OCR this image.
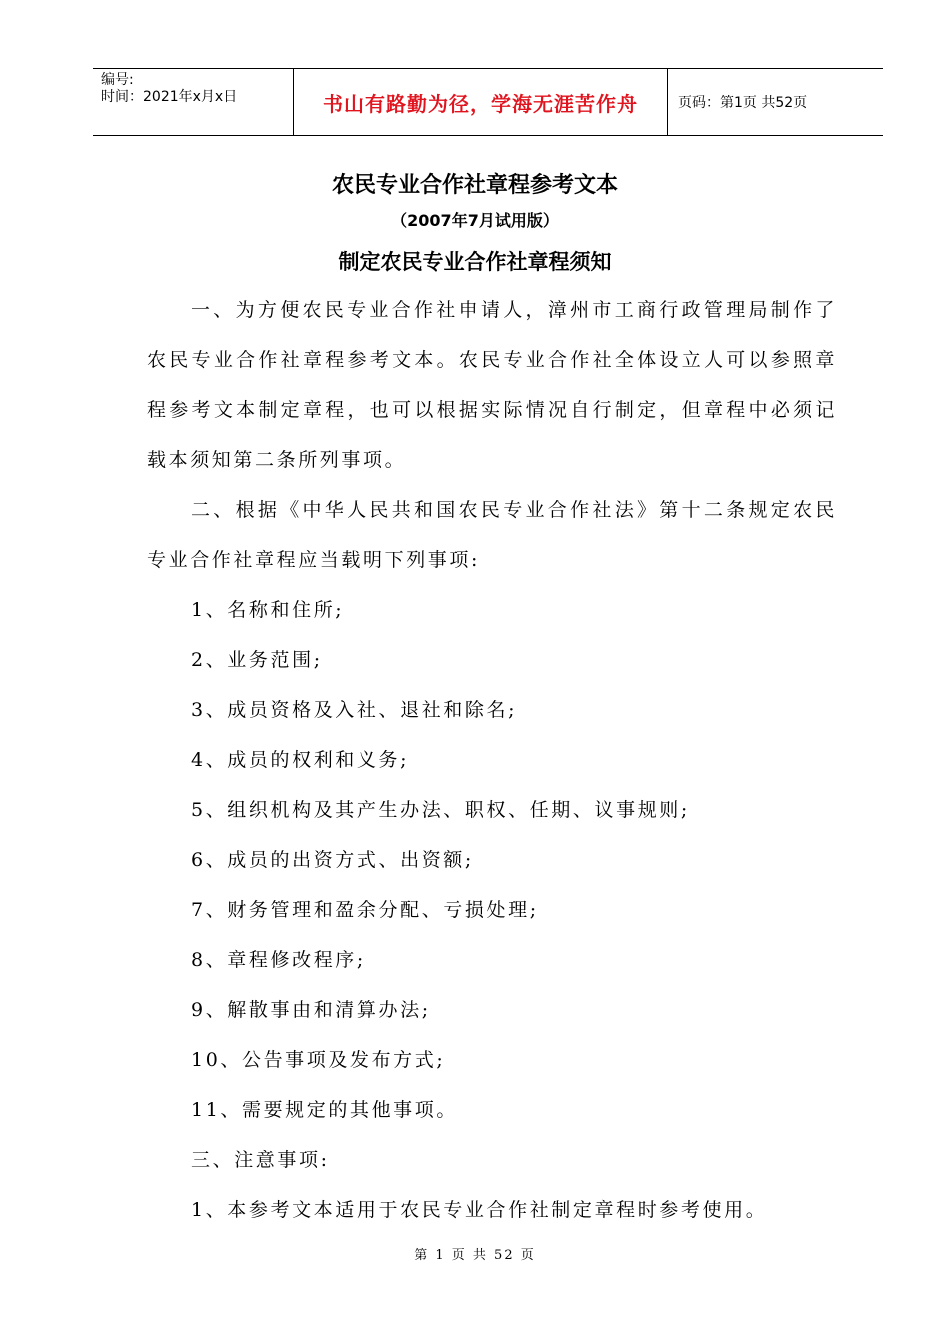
编号:
时间：2021年x月x日	书山有路勤为径，学海无涯苦作舟	页码：第1页 共52页
农民专业合作社章程参考文本
（2007年7月试用版）
制定农民专业合作社章程须知

一、为方便农民专业合作社申请人，漳州市工商行政管理局制作了农民专业合作社章程参考文本。农民专业合作社全体设立人可以参照章程参考文本制定章程，也可以根据实际情况自行制定，但章程中必须记载本须知第二条所列事项。

二、根据《中华人民共和国农民专业合作社法》第十二条规定农民专业合作社章程应当载明下列事项:

1、名称和住所;

2、业务范围;

3、成员资格及入社、退社和除名;

4、成员的权利和义务;

5、组织机构及其产生办法、职权、任期、议事规则;

6、成员的出资方式、出资额;

7、财务管理和盈余分配、亏损处理;

8、章程修改程序;

9、解散事由和清算办法;

10、公告事项及发布方式;

11、需要规定的其他事项。

三、注意事项:

1、本参考文本适用于农民专业合作社制定章程时参考使用。

第 1 页 共 52 页
